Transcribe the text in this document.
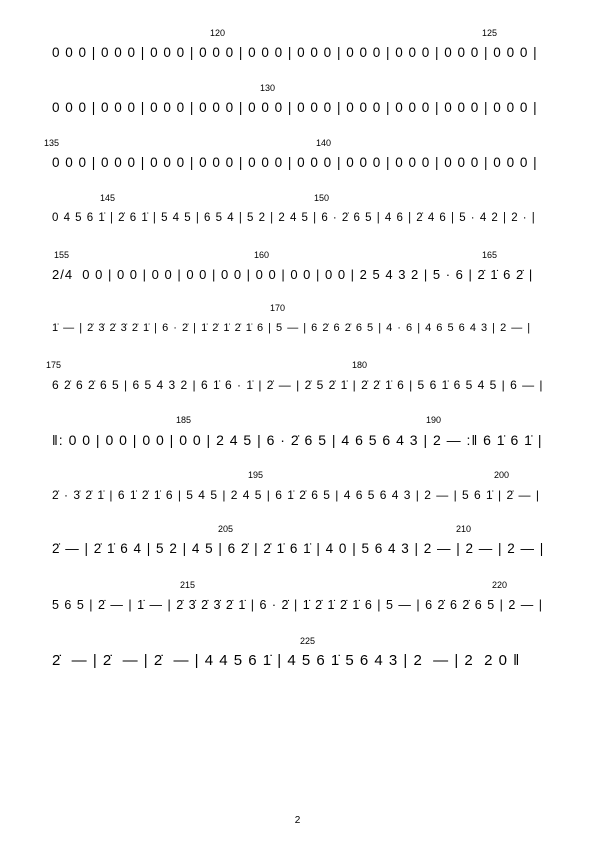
120	125
0 0 0 | 0 0 0 | 0 0 0 | 0 0 0 | 0 0 0 | 0 0 0 | 0 0 0 | 0 0 0 | 0 0 0 | 0 0 0 |
130
0 0 0 | 0 0 0 | 0 0 0 | 0 0 0 | 0 0 0 | 0 0 0 | 0 0 0 | 0 0 0 | 0 0 0 | 0 0 0 |
135	140
0 0 0 | 0 0 0 | 0 0 0 | 0 0 0 | 0 0 0 | 0 0 0 | 0 0 0 | 0 0 0 | 0 0 0 | 0 0 0 |
145	150
0 4 5 6 1̇ | 2̇ 6 1̇ | 5 4 5 | 6 5 4 | 5 2 | 2 4 5 | 6 · 2̇ 6 5 | 4 6 | 2̇ 4 6 | 5 · 4 2 | 2 · |
155	160	165
2/4  0 0 | 0 0 | 0 0 | 0 0 | 0 0 | 0 0 | 0 0 | 0 0 | 2 5 4 3 2 | 5 · 6 | 2̇ 1̇ 6 2̇ |
170
1̇ — | 2̇ 3̇ 2̇ 3̇ 2̇ 1̇ | 6 · 2̇ | 1̇ 2̇ 1̇ 2̇ 1̇ 6 | 5 — | 6 2̇ 6 2̇ 6 5 | 4 · 6 | 4 6 5 6 4 3 | 2 — |
175	180
6 2̇ 6 2̇ 6 5 | 6 5 4 3 2 | 6 1̇ 6 · 1̇ | 2̇ — | 2̇ 5 2̇ 1̇ | 2̇ 2̇ 1̇ 6 | 5 6 1̇ 6 5 4 5 | 6 — |
185	190
‖: 0 0 | 0 0 | 0 0 | 0 0 | 2 4 5 | 6 · 2̇ 6 5 | 4 6 5 6 4 3 | 2 — :‖ 6 1̇ 6 1̇ |
195	200
2̇ · 3̇ 2̇ 1̇ | 6 1̇ 2̇ 1̇ 6 | 5 4 5 | 2 4 5 | 6 1̇ 2̇ 6 5 | 4 6 5 6 4 3 | 2 — | 5 6 1̇ | 2̇ — |
205	210
2̇ — | 2̇ 1̇ 6 4 | 5 2 | 4 5 | 6 2̇ | 2̇ 1̇ 6 1̇ | 4 0 | 5 6 4 3 | 2 — | 2 — | 2 — |
215	220
5 6 5 | 2̇ — | 1̇ — | 2̇ 3̇ 2̇ 3̇ 2̇ 1̇ | 6 · 2̇ | 1̇ 2̇ 1̇ 2̇ 1̇ 6 | 5 — | 6 2̇ 6 2̇ 6 5 | 2 — |
225
2̇  — | 2̇  — | 2̇  — | 4 4 5 6 1̇ | 4 5 6 1̇ 5 6 4 3 | 2  — | 2  2 0 ‖
2
